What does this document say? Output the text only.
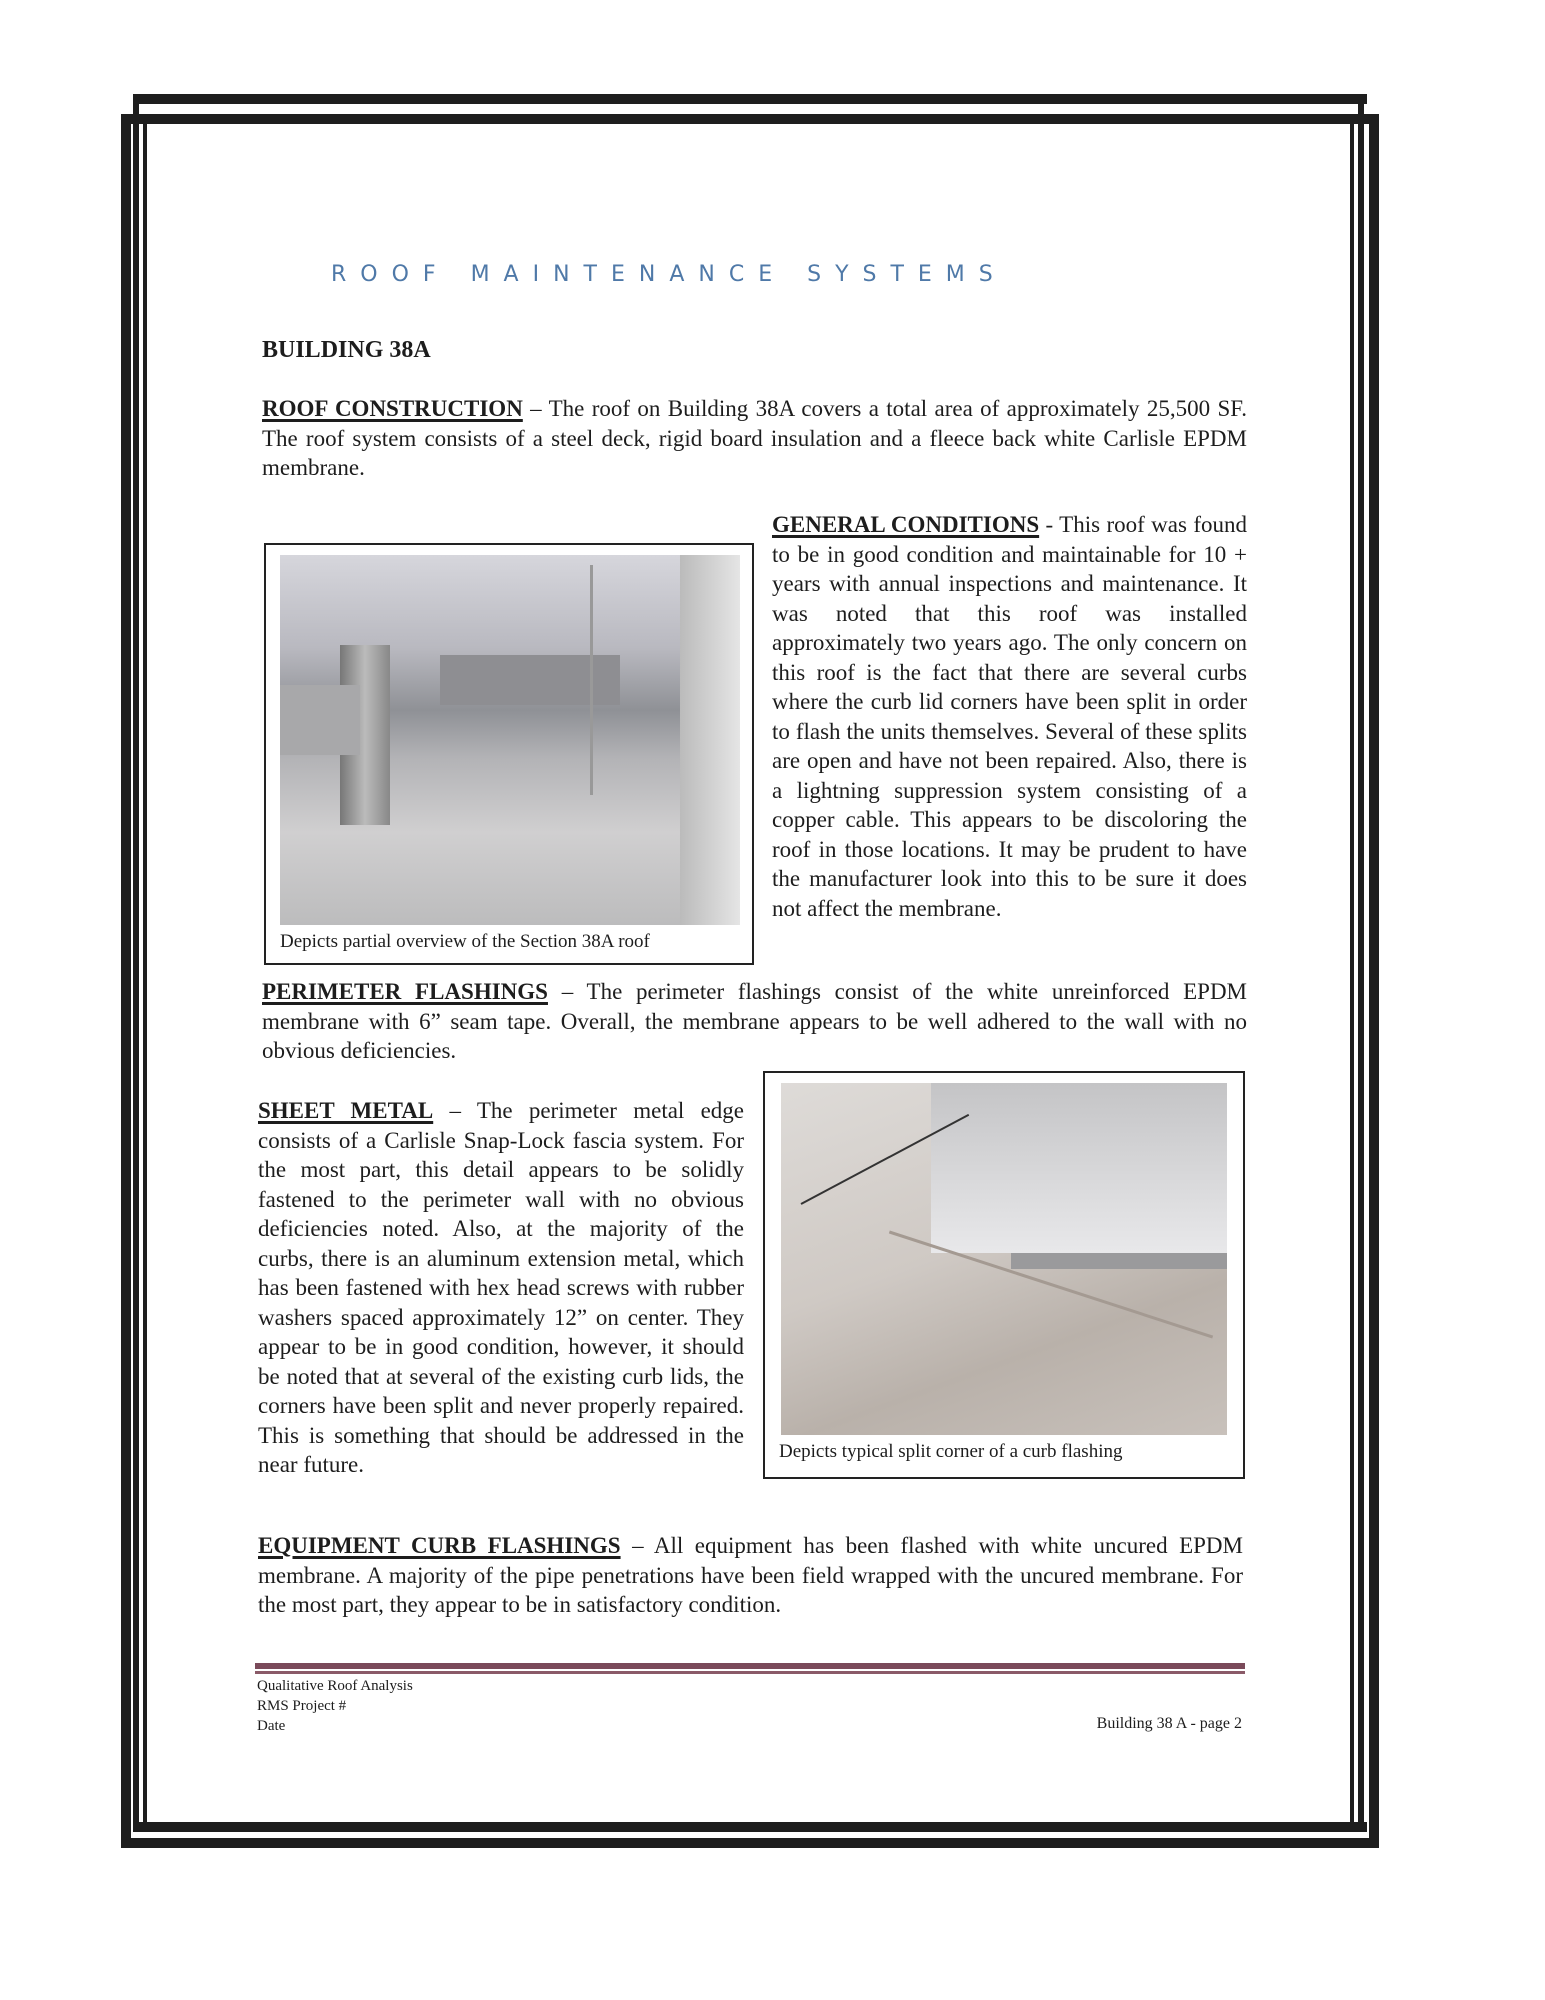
ROOF MAINTENANCE SYSTEMS
BUILDING 38A
ROOF CONSTRUCTION – The roof on Building 38A covers a total area of approximately 25,500 SF. The roof system consists of a steel deck, rigid board insulation and a fleece back white Carlisle EPDM membrane.
GENERAL CONDITIONS - This roof was found to be in good condition and maintainable for 10 + years with annual inspections and maintenance. It was noted that this roof was installed approximately two years ago. The only concern on this roof is the fact that there are several curbs where the curb lid corners have been split in order to flash the units themselves. Several of these splits are open and have not been repaired. Also, there is a lightning suppression system consisting of a copper cable. This appears to be discoloring the roof in those locations. It may be prudent to have the manufacturer look into this to be sure it does not affect the membrane.
Depicts partial overview of the Section 38A roof
PERIMETER FLASHINGS – The perimeter flashings consist of the white unreinforced EPDM membrane with 6” seam tape. Overall, the membrane appears to be well adhered to the wall with no obvious deficiencies.
SHEET METAL – The perimeter metal edge consists of a Carlisle Snap-Lock fascia system. For the most part, this detail appears to be solidly fastened to the perimeter wall with no obvious deficiencies noted. Also, at the majority of the curbs, there is an aluminum extension metal, which has been fastened with hex head screws with rubber washers spaced approximately 12” on center. They appear to be in good condition, however, it should be noted that at several of the existing curb lids, the corners have been split and never properly repaired. This is something that should be addressed in the near future.
Depicts typical split corner of a curb flashing
EQUIPMENT CURB FLASHINGS – All equipment has been flashed with white uncured EPDM membrane. A majority of the pipe penetrations have been field wrapped with the uncured membrane. For the most part, they appear to be in satisfactory condition.
Qualitative Roof Analysis
RMS Project #
Date	Building 38 A - page 2
